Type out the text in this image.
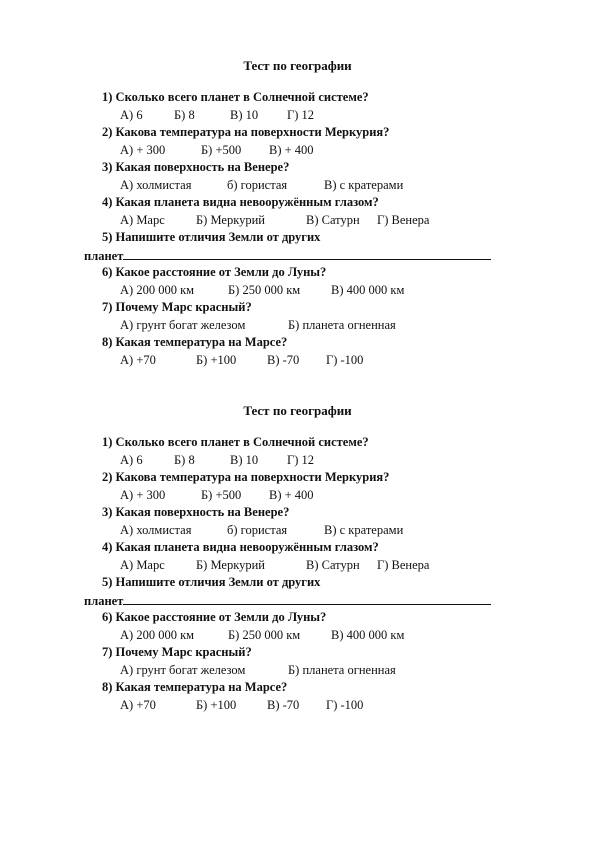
Тест по географии
1) Сколько всего планет в Солнечной системе?
А) 6	Б) 8	В) 10 Г) 12
2) Какова температура на поверхности Меркурия?
А) + 300	Б) +500 В) + 400
3) Какая поверхность на Венере?
А) холмистая	б) гористая	В) с кратерами
4) Какая планета видна невооружённым глазом?
А) Марс Б) Меркурий	В) Сатурн Г) Венера
5) Напишите отличия Земли от других
планет
6) Какое расстояние от Земли до Луны?
А) 200 000 км	Б) 250 000 км В) 400 000 км
7) Почему Марс красный?
А) грунт богат железом	Б) планета огненная
8) Какая температура на Марсе?
А) +70	Б) +100 В) -70 Г) -100
Тест по географии
1) Сколько всего планет в Солнечной системе?
А) 6	Б) 8	В) 10 Г) 12
2) Какова температура на поверхности Меркурия?
А) + 300	Б) +500 В) + 400
3) Какая поверхность на Венере?
А) холмистая	б) гористая	В) с кратерами
4) Какая планета видна невооружённым глазом?
А) Марс Б) Меркурий	В) Сатурн Г) Венера
5) Напишите отличия Земли от других
планет
6) Какое расстояние от Земли до Луны?
А) 200 000 км	Б) 250 000 км В) 400 000 км
7) Почему Марс красный?
А) грунт богат железом	Б) планета огненная
8) Какая температура на Марсе?
А) +70	Б) +100 В) -70 Г) -100
